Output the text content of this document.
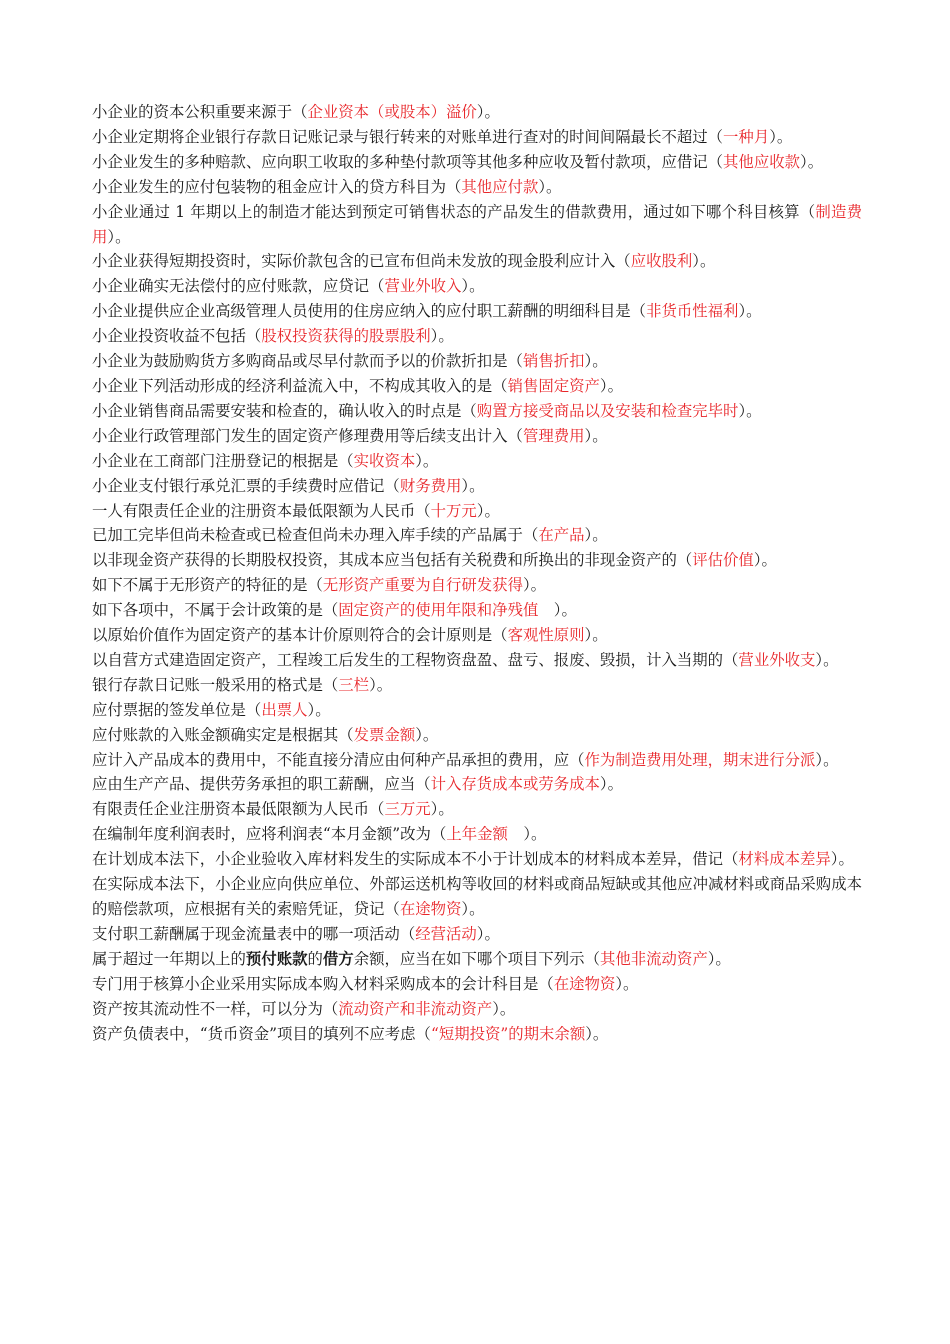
小企业的资本公积重要来源于（企业资本（或股本）溢价）。

小企业定期将企业银行存款日记账记录与银行转来的对账单进行查对的时间间隔最长不超过（一种月）。

小企业发生的多种赔款、应向职工收取的多种垫付款项等其他多种应收及暂付款项，应借记（其他应收款）。

小企业发生的应付包装物的租金应计入的贷方科目为（其他应付款）。

小企业通过 1 年期以上的制造才能达到预定可销售状态的产品发生的借款费用，通过如下哪个科目核算（制造费用）。

小企业获得短期投资时，实际价款包含的已宣布但尚未发放的现金股利应计入（应收股利）。

小企业确实无法偿付的应付账款，应贷记（营业外收入）。

小企业提供应企业高级管理人员使用的住房应纳入的应付职工薪酬的明细科目是（非货币性福利）。

小企业投资收益不包括（股权投资获得的股票股利）。

小企业为鼓励购货方多购商品或尽早付款而予以的价款折扣是（销售折扣）。

小企业下列活动形成的经济利益流入中，不构成其收入的是（销售固定资产）。

小企业销售商品需要安装和检查的，确认收入的时点是（购置方接受商品以及安装和检查完毕时）。

小企业行政管理部门发生的固定资产修理费用等后续支出计入（管理费用）。

小企业在工商部门注册登记的根据是（实收资本）。

小企业支付银行承兑汇票的手续费时应借记（财务费用）。

一人有限责任企业的注册资本最低限额为人民币（十万元）。

已加工完毕但尚未检查或已检查但尚未办理入库手续的产品属于（在产品）。

以非现金资产获得的长期股权投资，其成本应当包括有关税费和所换出的非现金资产的（评估价值）。

如下不属于无形资产的特征的是（无形资产重要为自行研发获得）。

如下各项中，不属于会计政策的是（固定资产的使用年限和净残值　）。

以原始价值作为固定资产的基本计价原则符合的会计原则是（客观性原则）。

以自营方式建造固定资产，工程竣工后发生的工程物资盘盈、盘亏、报废、毁损，计入当期的（营业外收支）。

银行存款日记账一般采用的格式是（三栏）。

应付票据的签发单位是（出票人）。

应付账款的入账金额确实定是根据其（发票金额）。

应计入产品成本的费用中，不能直接分清应由何种产品承担的费用，应（作为制造费用处理，期末进行分派）。

应由生产产品、提供劳务承担的职工薪酬，应当（计入存货成本或劳务成本）。

有限责任企业注册资本最低限额为人民币（三万元）。

在编制年度利润表时，应将利润表“本月金额”改为（上年金额　）。

在计划成本法下，小企业验收入库材料发生的实际成本不小于计划成本的材料成本差异，借记（材料成本差异）。

在实际成本法下，小企业应向供应单位、外部运送机构等收回的材料或商品短缺或其他应冲减材料或商品采购成本的赔偿款项，应根据有关的索赔凭证，贷记（在途物资）。

支付职工薪酬属于现金流量表中的哪一项活动（经营活动）。

属于超过一年期以上的预付账款的借方余额，应当在如下哪个项目下列示（其他非流动资产）。

专门用于核算小企业采用实际成本购入材料采购成本的会计科目是（在途物资）。

资产按其流动性不一样，可以分为（流动资产和非流动资产）。

资产负债表中，“货币资金”项目的填列不应考虑（“短期投资”的期末余额）。
